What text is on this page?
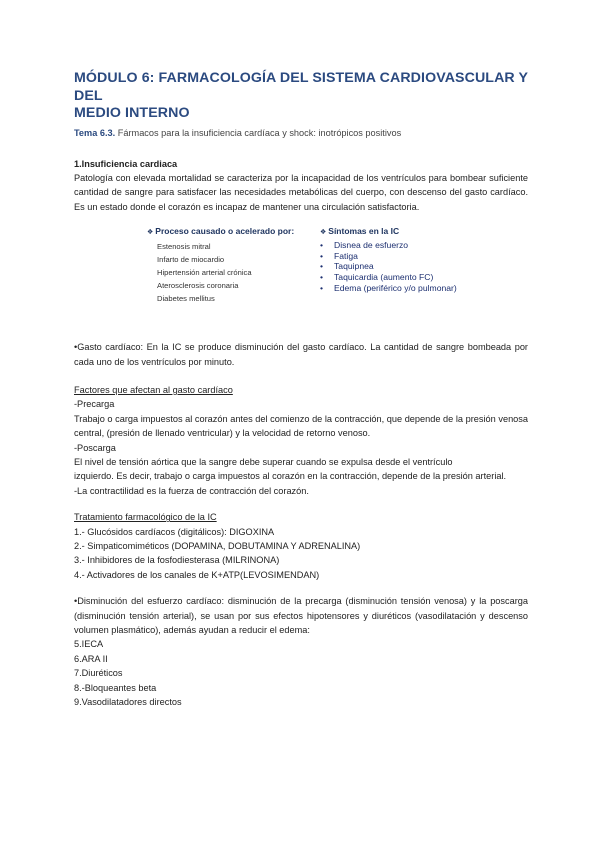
MÓDULO 6: FARMACOLOGÍA DEL SISTEMA CARDIOVASCULAR Y DEL

MEDIO INTERNO

Tema 6.3. Fármacos para la insuficiencia cardíaca y shock: inotrópicos positivos

1.Insuficiencia cardiaca

Patología con elevada mortalidad se caracteriza por la incapacidad de los ventrículos para bombear suficiente cantidad de sangre para satisfacer las necesidades metabólicas del cuerpo, con descenso del gasto cardíaco. Es un estado donde el corazón es incapaz de mantener una circulación satisfactoria.

❖ Proceso causado o acelerado por:
Estenosis mitral
Infarto de miocardio
Hipertensión arterial crónica
Aterosclerosis coronaria
Diabetes mellitus
❖ Síntomas en la IC
• Disnea de esfuerzo
• Fatiga
• Taquipnea
• Taquicardia (aumento FC)
• Edema (periférico y/o pulmonar)

•Gasto cardíaco: En la IC se produce disminución del gasto cardíaco. La cantidad de sangre bombeada por cada uno de los ventrículos por minuto.

Factores que afectan al gasto cardíaco

-Precarga

Trabajo o carga impuestos al corazón antes del comienzo de la contracción, que depende de la presión venosa central, (presión de llenado ventricular) y la velocidad de retorno venoso.

-Poscarga

El nivel de tensión aórtica que la sangre debe superar cuando se expulsa desde el ventrículo

izquierdo. Es decir, trabajo o carga impuestos al corazón en la contracción, depende de la presión arterial.

-La contractilidad es la fuerza de contracción del corazón.

Tratamiento farmacológico de la IC

1.- Glucósidos cardíacos (digitálicos): DIGOXINA

2.- Simpaticomiméticos (DOPAMINA, DOBUTAMINA Y ADRENALINA)

3.- Inhibidores de la fosfodiesterasa (MILRINONA)

4.- Activadores de los canales de K+ATP(LEVOSIMENDAN)

•Disminución del esfuerzo cardíaco: disminución de la precarga (disminución tensión venosa) y la poscarga (disminución tensión arterial), se usan por sus efectos hipotensores y diuréticos (vasodilatación y descenso volumen plasmático), además ayudan a reducir el edema:

5.IECA

6.ARA II

7.Diuréticos

8.-Bloqueantes beta

9.Vasodilatadores directos
